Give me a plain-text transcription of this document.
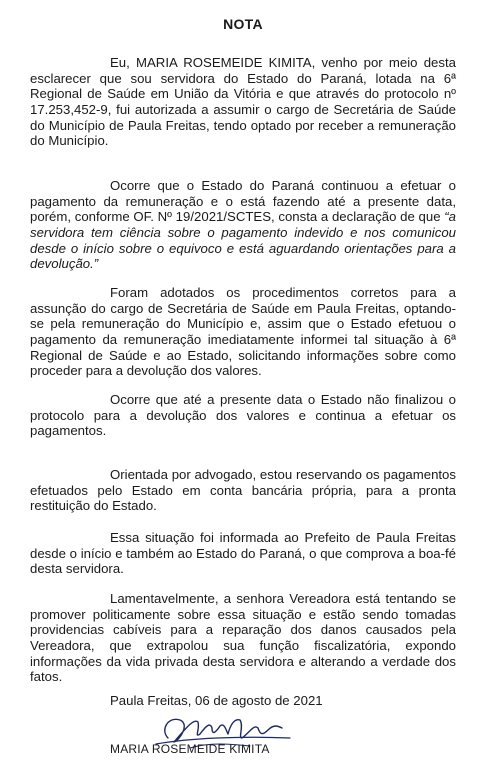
NOTA

Eu, MARIA ROSEMEIDE KIMITA, venho por meio desta esclarecer que sou servidora do Estado do Paraná, lotada na 6ª Regional de Saúde em União da Vitória e que através do protocolo nº 17.253,452-9, fui autorizada a assumir o cargo de Secretária de Saúde do Município de Paula Freitas, tendo optado por receber a remuneração do Município.

Ocorre que o Estado do Paraná continuou a efetuar o pagamento da remuneração e o está fazendo até a presente data, porém, conforme OF. Nº 19/2021/SCTES, consta a declaração de que “a servidora tem ciência sobre o pagamento indevido e nos comunicou desde o início sobre o equivoco e está aguardando orientações para a devolução.”

Foram adotados os procedimentos corretos para a assunção do cargo de Secretária de Saúde em Paula Freitas, optando-se pela remuneração do Município e, assim que o Estado efetuou o pagamento da remuneração imediatamente informei tal situação à 6ª Regional de Saúde e ao Estado, solicitando informações sobre como proceder para a devolução dos valores.

Ocorre que até a presente data o Estado não finalizou o protocolo para a devolução dos valores e continua a efetuar os pagamentos.

Orientada por advogado, estou reservando os pagamentos efetuados pelo Estado em conta bancária própria, para a pronta restituição do Estado.

Essa situação foi informada ao Prefeito de Paula Freitas desde o início e também ao Estado do Paraná, o que comprova a boa-fé desta servidora.

Lamentavelmente, a senhora Vereadora está tentando se promover politicamente sobre essa situação e estão sendo tomadas providencias cabíveis para a reparação dos danos causados pela Vereadora, que extrapolou sua função fiscalizatória, expondo informações da vida privada desta servidora e alterando a verdade dos fatos.

Paula Freitas, 06 de agosto de 2021
MARIA ROSEMEIDE KIMITA
